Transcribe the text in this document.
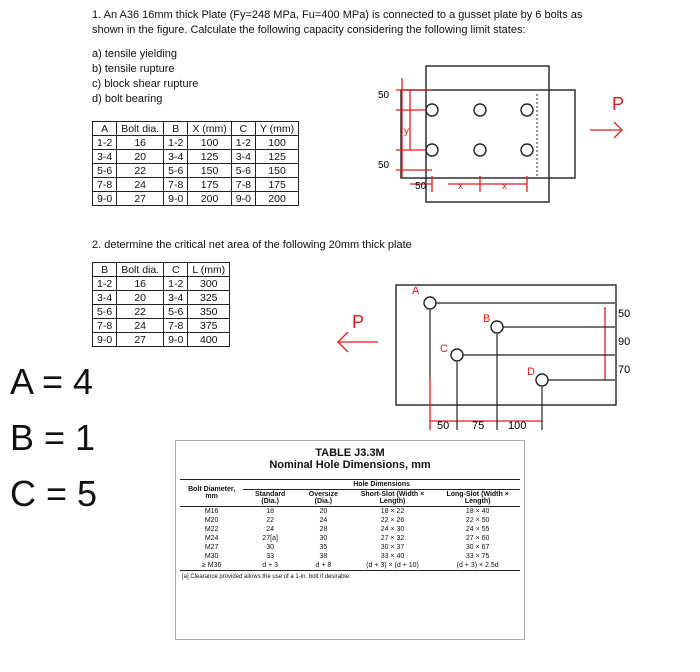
1. An A36 16mm thick Plate (Fy=248 MPa, Fu=400 MPa) is connected to a gusset plate by 6 bolts as
shown in the figure. Calculate the following capacity considering the following limit states:
a) tensile yielding
b) tensile rupture
c) block shear rupture
d) bolt bearing
A	Bolt dia.	B	X (mm)	C	Y (mm)
1-2	16	1-2	100	1-2	100
3-4	20	3-4	125	3-4	125
5-6	22	5-6	150	5-6	150
7-8	24	7-8	175	7-8	175
9-0	27	9-0	200	9-0	200
50
50
50	x	x
y
P
2. determine the critical net area of the following 20mm thick plate
B	Bolt dia.	C	L (mm)
1-2	16	1-2	300
3-4	20	3-4	325
5-6	22	5-6	350
7-8	24	7-8	375
9-0	27	9-0	400
A
B
C
D
P	50
90
70
50 75 100
A = 4
B = 1
C = 5
TABLE J3.3M
Nominal Hole Dimensions, mm
Bolt Diameter, mm	Hole Dimensions			
	Standard (Dia.)	Oversize (Dia.)	Short-Slot (Width × Length)	Long-Slot (Width × Length)
M16	18	20	18 × 22	18 × 40
M20	22	24	22 × 26	22 × 50
M22	24	28	24 × 30	24 × 55
M24	27[a]	30	27 × 32	27 × 60
M27	30	35	30 × 37	30 × 67
M30	33	38	33 × 40	33 × 75
≥ M36	d + 3	d + 8	(d + 3) × (d + 10)	(d + 3) × 2.5d
[a] Clearance provided allows the use of a 1-in. bolt if desirable.
